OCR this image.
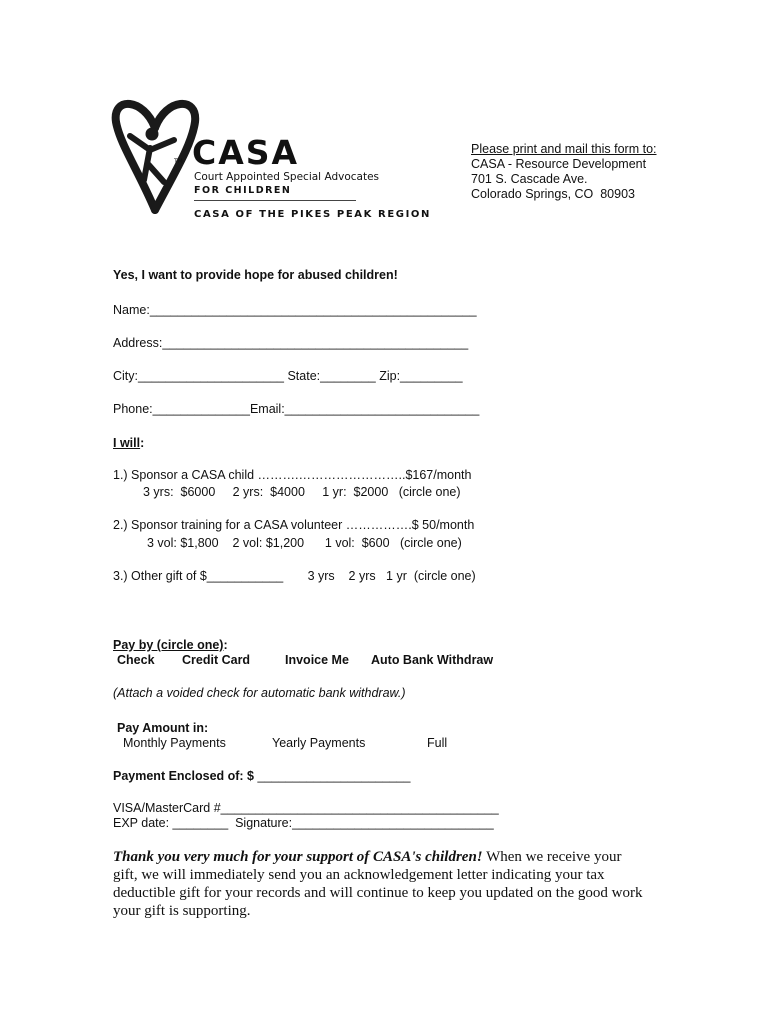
TM CASA
Court Appointed Special Advocates
FOR CHILDREN
CASA OF THE PIKES PEAK REGION
Please print and mail this form to:
CASA - Resource Development
701 S. Cascade Ave.
Colorado Springs, CO  80903
Yes, I want to provide hope for abused children!
Name:_______________________________________________
Address:____________________________________________
City:_____________________ State:________ Zip:_________
Phone:______________Email:____________________________
I will:
1.) Sponsor a CASA child ……….……………………..$167/month
3 yrs:  $6000     2 yrs:  $4000     1 yr:  $2000   (circle one)
2.) Sponsor training for a CASA volunteer …………….$ 50/month
3 vol: $1,800    2 vol: $1,200      1 vol:  $600   (circle one)
3.) Other gift of $___________       3 yrs    2 yrs   1 yr  (circle one)
Pay by (circle one):
Check Credit Card	Invoice Me Auto Bank Withdraw
(Attach a voided check for automatic bank withdraw.)
Pay Amount in:
Monthly Payments	Yearly Payments	Full
Payment Enclosed of: $ ______________________
VISA/MasterCard #________________________________________
EXP date: ________  Signature:_____________________________
Thank you very much for your support of CASA's children! When we receive your
gift, we will immediately send you an acknowledgement letter indicating your tax
deductible gift for your records and will continue to keep you updated on the good work
your gift is supporting.
